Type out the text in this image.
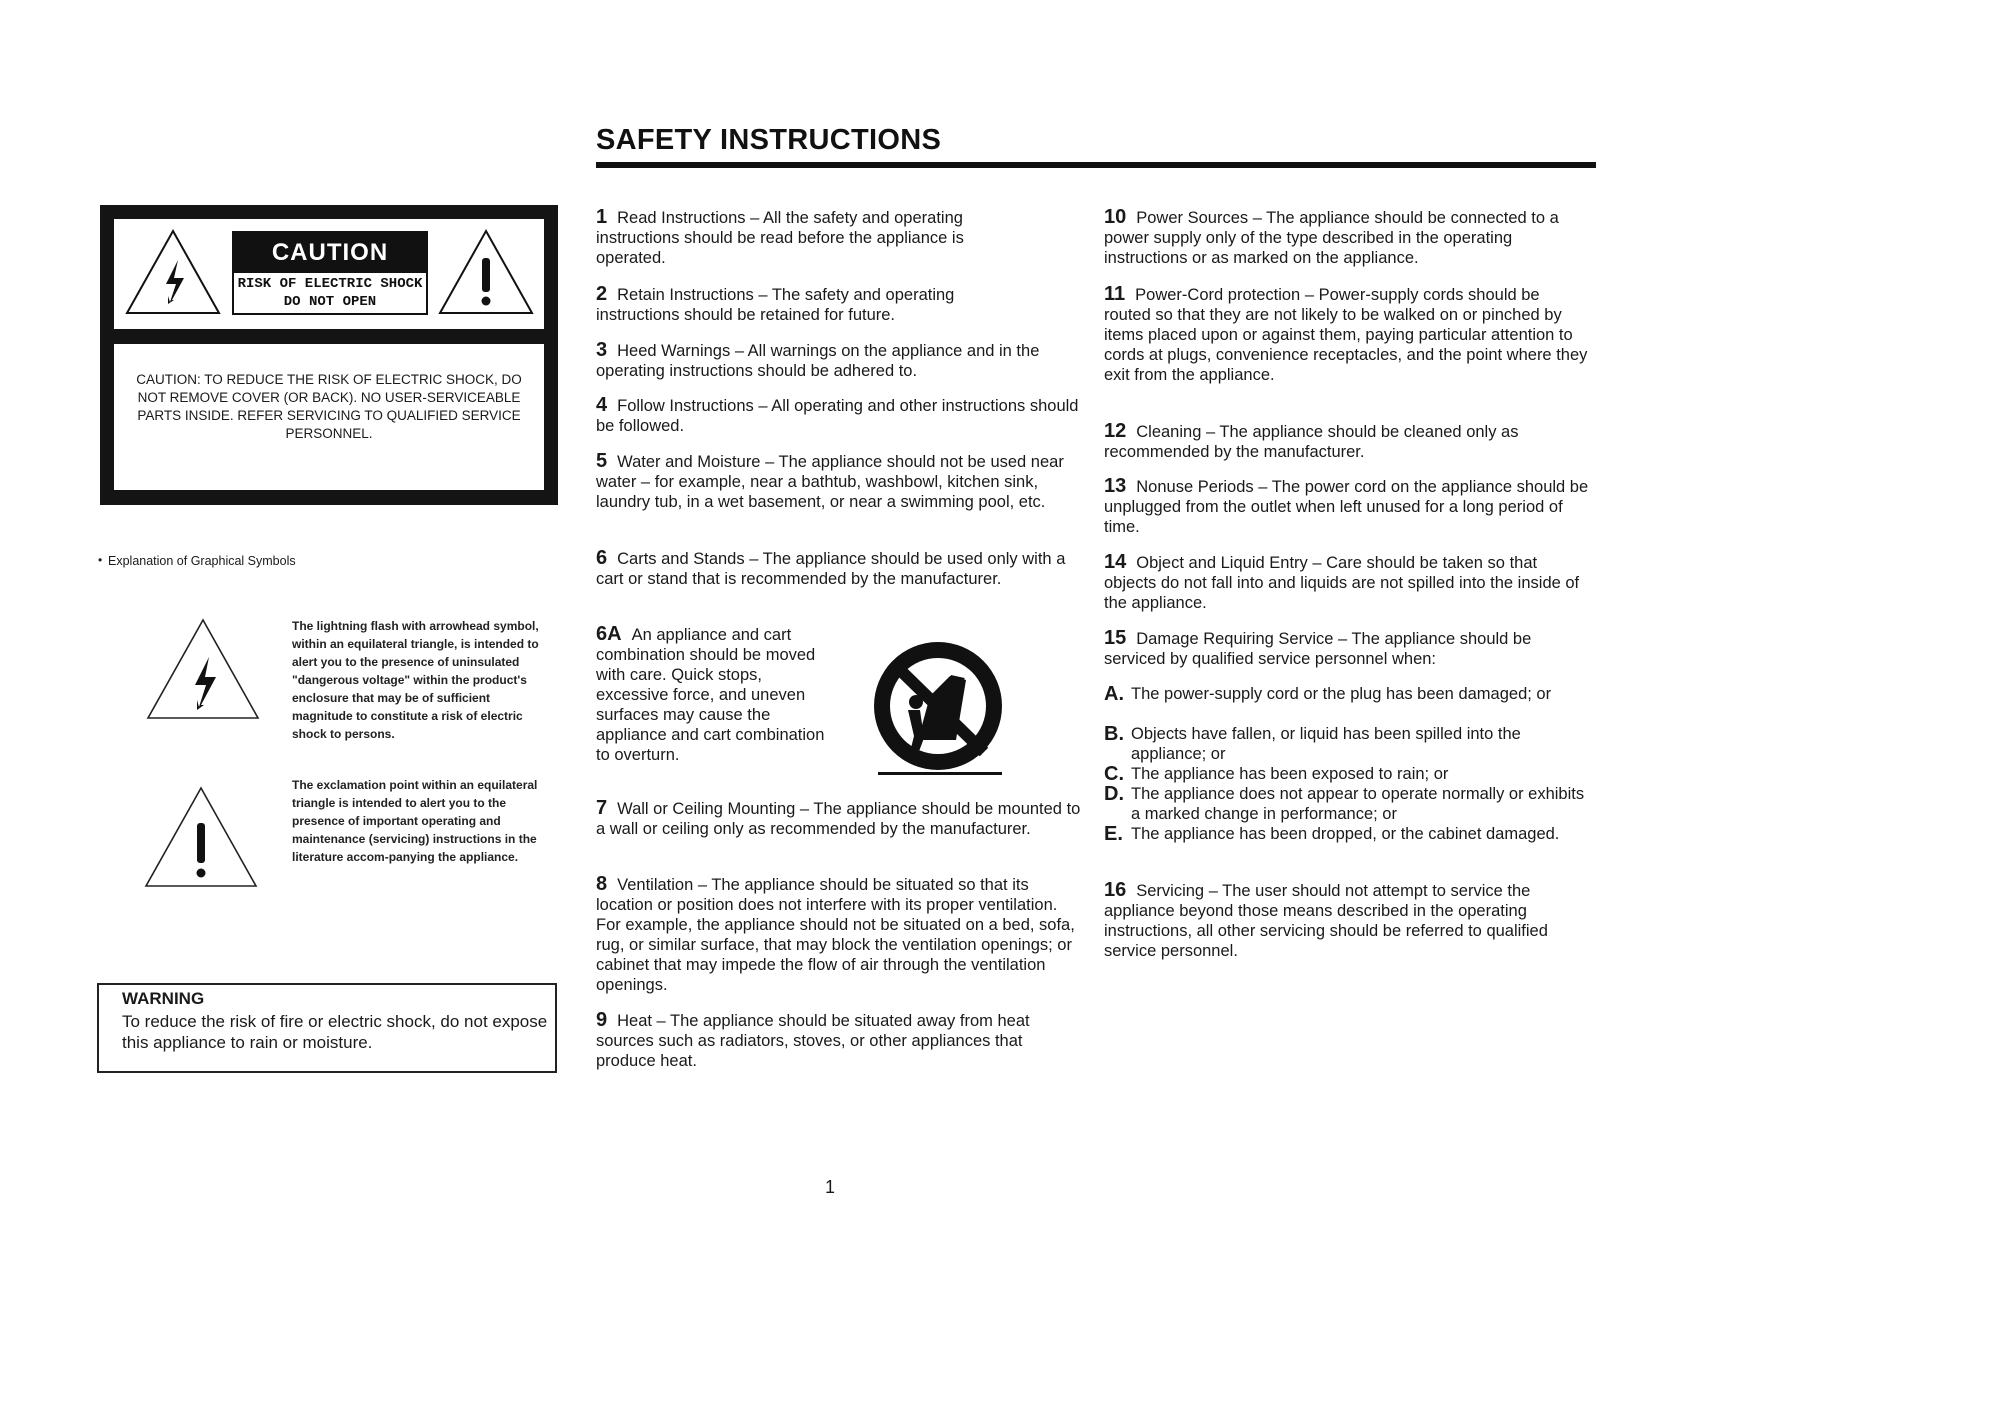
SAFETY INSTRUCTIONS
CAUTION
RISK OF ELECTRIC SHOCK
DO NOT OPEN
CAUTION: TO REDUCE THE RISK OF ELECTRIC SHOCK, DO NOT REMOVE COVER (OR BACK). NO USER-SERVICEABLE PARTS INSIDE. REFER SERVICING TO QUALIFIED SERVICE PERSONNEL.
• Explanation of Graphical Symbols
The lightning flash with arrowhead symbol, within an equilateral triangle, is intended to alert you to the presence of uninsulated "dangerous voltage" within the product's enclosure that may be of sufficient magnitude to constitute a risk of electric shock to persons.
The exclamation point within an equilateral triangle is intended to alert you to the presence of important operating and maintenance (servicing) instructions in the literature accom-panying the appliance.
WARNING
To reduce the risk of fire or electric shock, do not expose this appliance to rain or moisture.
1 Read Instructions – All the safety and operating instructions should be read before the appliance is operated.
2 Retain Instructions – The safety and operating instructions should be retained for future.
3 Heed Warnings – All warnings on the appliance and in the operating instructions should be adhered to.
4 Follow Instructions – All operating and other instructions should be followed.
5 Water and Moisture – The appliance should not be used near water – for example, near a bathtub, washbowl, kitchen sink, laundry tub, in a wet basement, or near a swimming pool, etc.
6 Carts and Stands – The appliance should be used only with a cart or stand that is recommended by the manufacturer.
6A An appliance and cart combination should be moved with care. Quick stops, excessive force, and uneven surfaces may cause the appliance and cart combination to overturn.
7 Wall or Ceiling Mounting – The appliance should be mounted to a wall or ceiling only as recommended by the manufacturer.
8 Ventilation – The appliance should be situated so that its location or position does not interfere with its proper ventilation. For example, the appliance should not be situated on a bed, sofa, rug, or similar surface, that may block the ventilation openings; or cabinet that may impede the flow of air through the ventilation openings.
9 Heat – The appliance should be situated away from heat sources such as radiators, stoves, or other appliances that produce heat.
10 Power Sources – The appliance should be connected to a power supply only of the type described in the operating instructions or as marked on the appliance.
11 Power-Cord protection – Power-supply cords should be routed so that they are not likely to be walked on or pinched by items placed upon or against them, paying particular attention to cords at plugs, convenience receptacles, and the point where they exit from the appliance.
12 Cleaning – The appliance should be cleaned only as recommended by the manufacturer.
13 Nonuse Periods – The power cord on the appliance should be unplugged from the outlet when left unused for a long period of time.
14 Object and Liquid Entry – Care should be taken so that objects do not fall into and liquids are not spilled into the inside of the appliance.
15 Damage Requiring Service – The appliance should be serviced by qualified service personnel when:
A. The power-supply cord or the plug has been damaged; or
B. Objects have fallen, or liquid has been spilled into the appliance; or
C. The appliance has been exposed to rain; or
D. The appliance does not appear to operate normally or exhibits a marked change in performance; or
E. The appliance has been dropped, or the cabinet damaged.
16 Servicing – The user should not attempt to service the appliance beyond those means described in the operating instructions, all other servicing should be referred to qualified service personnel.
1
